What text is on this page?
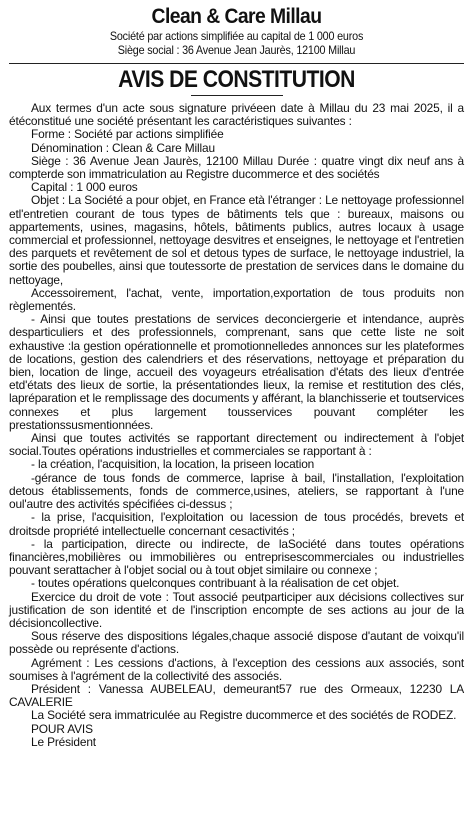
Clean & Care Millau
Société par actions simplifiée au capital de 1 000 euros
Siège social : 36 Avenue Jean Jaurès, 12100 Millau
AVIS DE CONSTITUTION

Aux termes d'un acte sous signature privéeen date à Millau du 23 mai 2025, il a étéconstitué une société présentant les caractéristiques suivantes :

Forme : Société par actions simplifiée

Dénomination : Clean & Care Millau

Siège : 36 Avenue Jean Jaurès, 12100 Millau Durée : quatre vingt dix neuf ans à compterde son immatriculation au Registre ducommerce et des sociétés

Capital : 1 000 euros

Objet : La Société a pour objet, en France età l'étranger : Le nettoyage professionnel etl'entretien courant de tous types de bâtiments tels que : bureaux, maisons ou appartements, usines, magasins, hôtels, bâtiments publics, autres locaux à usage commercial et professionnel, nettoyage desvitres et enseignes, le nettoyage et l'entretien des parquets et revêtement de sol et detous types de surface, le nettoyage industriel, la sortie des poubelles, ainsi que toutessorte de prestation de services dans le domaine du nettoyage,

Accessoirement, l'achat, vente, importation,exportation de tous produits non règlementés.

- Ainsi que toutes prestations de services deconciergerie et intendance, auprès desparticuliers et des professionnels, comprenant, sans que cette liste ne soit exhaustive :la gestion opérationnelle et promotionnelledes annonces sur les plateformes de locations, gestion des calendriers et des réservations, nettoyage et préparation du bien, location de linge, accueil des voyageurs etréalisation d'états des lieux d'entrée etd'états des lieux de sortie, la présentationdes lieux, la remise et restitution des clés, lapréparation et le remplissage des documents y afférant, la blanchisserie et toutservices connexes et plus largement tousservices pouvant compléter les prestationssusmentionnées.

Ainsi que toutes activités se rapportant directement ou indirectement à l'objet social.Toutes opérations industrielles et commerciales se rapportant à :

- la création, l'acquisition, la location, la priseen location

-gérance de tous fonds de commerce, laprise à bail, l'installation, l'exploitation detous établissements, fonds de commerce,usines, ateliers, se rapportant à l'une oul'autre des activités spécifiées ci-dessus ;

- la prise, l'acquisition, l'exploitation ou lacession de tous procédés, brevets et droitsde propriété intellectuelle concernant cesactivités ;

- la participation, directe ou indirecte, de laSociété dans toutes opérations financières,mobilières ou immobilières ou entreprisescommerciales ou industrielles pouvant serattacher à l'objet social ou à tout objet similaire ou connexe ;

- toutes opérations quelconques contribuant à la réalisation de cet objet.

Exercice du droit de vote : Tout associé peutparticiper aux décisions collectives sur justification de son identité et de l'inscription encompte de ses actions au jour de la décisioncollective.

Sous réserve des dispositions légales,chaque associé dispose d'autant de voixqu'il possède ou représente d'actions.

Agrément : Les cessions d'actions, à l'exception des cessions aux associés, sont soumises à l'agrément de la collectivité des associés.

Président : Vanessa AUBELEAU, demeurant57 rue des Ormeaux, 12230 LA CAVALERIE

La Société sera immatriculée au Registre ducommerce et des sociétés de RODEZ.

POUR AVIS
Le Président
